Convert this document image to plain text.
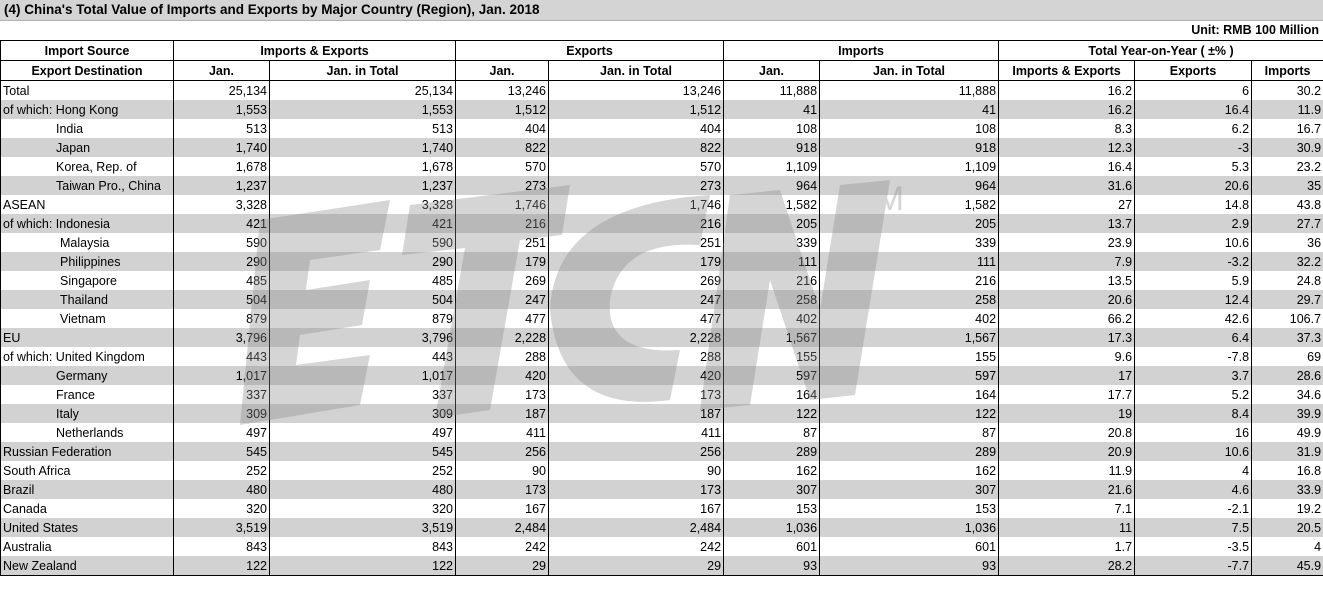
(4) China's Total Value of Imports and Exports by Major Country (Region), Jan. 2018
Unit: RMB 100 Million
Import Source	Imports & Exports		Exports		Imports		Total Year-on-Year ( ±% )		
Export Destination	Jan.	Jan. in Total	Jan.	Jan. in Total	Jan.	Jan. in Total	Imports & Exports	Exports	Imports
Total	25,134	25,134	13,246	13,246	11,888	11,888	16.2	6	30.2
of which: Hong Kong	1,553	1,553	1,512	1,512	41	41	16.2	16.4	11.9
India	513	513	404	404	108	108	8.3	6.2	16.7
Japan	1,740	1,740	822	822	918	918	12.3	-3	30.9
Korea, Rep. of	1,678	1,678	570	570	1,109	1,109	16.4	5.3	23.2
Taiwan Pro., China	1,237	1,237	273	273	964	964	31.6	20.6	35
ASEAN	3,328	3,328	1,746	1,746	1,582	1,582	27	14.8	43.8
of which: Indonesia	421	421	216	216	205	205	13.7	2.9	27.7
Malaysia	590	590	251	251	339	339	23.9	10.6	36
Philippines	290	290	179	179	111	111	7.9	-3.2	32.2
Singapore	485	485	269	269	216	216	13.5	5.9	24.8
Thailand	504	504	247	247	258	258	20.6	12.4	29.7
Vietnam	879	879	477	477	402	402	66.2	42.6	106.7
EU	3,796	3,796	2,228	2,228	1,567	1,567	17.3	6.4	37.3
of which: United Kingdom	443	443	288	288	155	155	9.6	-7.8	69
Germany	1,017	1,017	420	420	597	597	17	3.7	28.6
France	337	337	173	173	164	164	17.7	5.2	34.6
Italy	309	309	187	187	122	122	19	8.4	39.9
Netherlands	497	497	411	411	87	87	20.8	16	49.9
Russian Federation	545	545	256	256	289	289	20.9	10.6	31.9
South Africa	252	252	90	90	162	162	11.9	4	16.8
Brazil	480	480	173	173	307	307	21.6	4.6	33.9
Canada	320	320	167	167	153	153	7.1	-2.1	19.2
United States	3,519	3,519	2,484	2,484	1,036	1,036	11	7.5	20.5
Australia	843	843	242	242	601	601	1.7	-3.5	4
New Zealand	122	122	29	29	93	93	28.2	-7.7	45.9
TM
